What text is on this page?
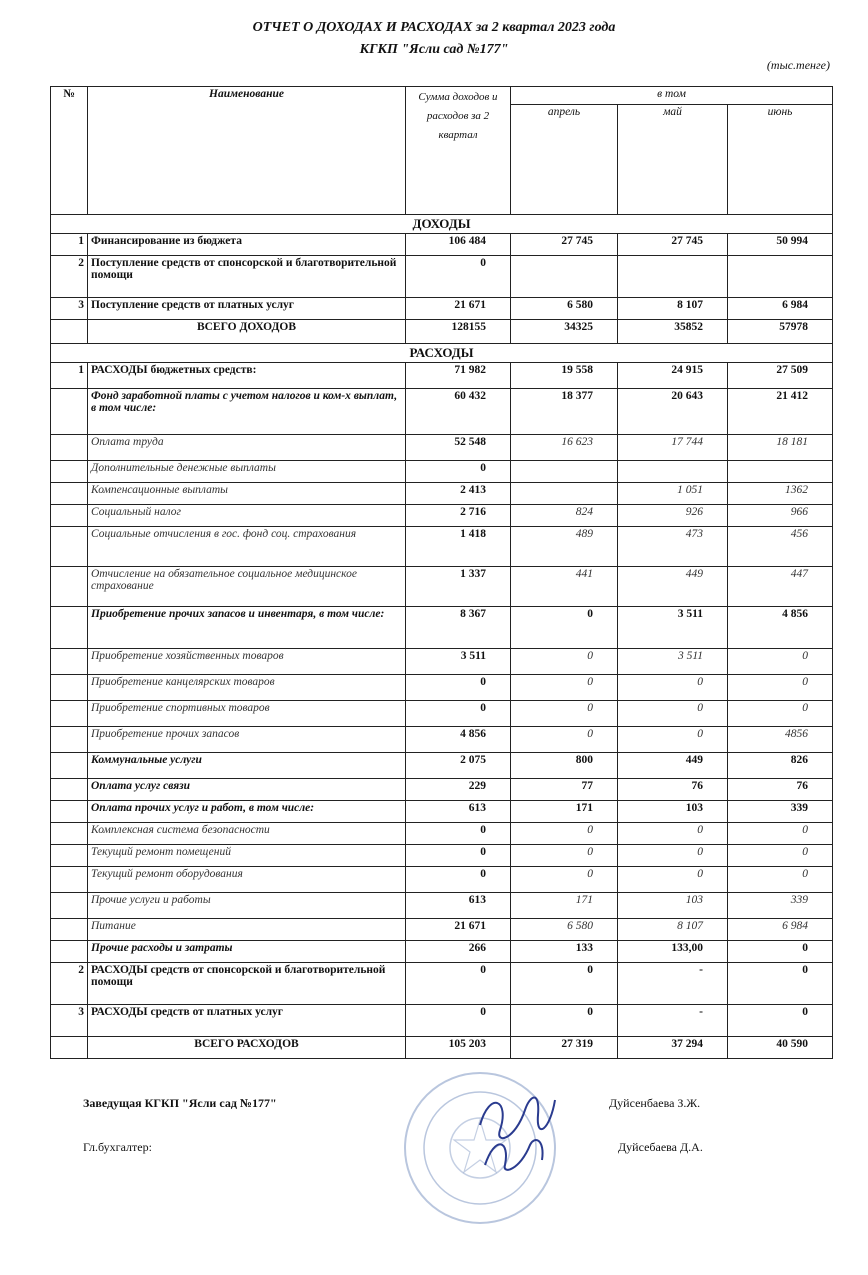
ОТЧЕТ О ДОХОДАХ И РАСХОДАХ за 2 квартал 2023 года
КГКП "Ясли сад №177"
(тыс.тенге)
№	Наименование	Сумма доходов и расходов за 2 квартал	в том		
			апрель	май	июнь
ДОХОДЫ					
1	Финансирование из бюджета	106 484	27 745	27 745	50 994
2	Поступление средств от спонсорской и благотворительной помощи	0			
3	Поступление средств от платных услуг	21 671	6 580	8 107	6 984
	ВСЕГО ДОХОДОВ	128155	34325	35852	57978
РАСХОДЫ					
1	РАСХОДЫ бюджетных средств:	71 982	19 558	24 915	27 509
	Фонд заработной платы с учетом налогов и ком-х выплат, в том числе:	60 432	18 377	20 643	21 412
	Оплата труда	52 548	16 623	17 744	18 181
	Дополнительные денежные выплаты	0			
	Компенсационные выплаты	2 413		1 051	1362
	Социальный налог	2 716	824	926	966
	Социальные отчисления в гос. фонд соц. страхования	1 418	489	473	456
	Отчисление на обязательное социальное медицинское страхование	1 337	441	449	447
	Приобретение прочих запасов и инвентаря, в том числе:	8 367	0	3 511	4 856
	Приобретение хозяйственных товаров	3 511	0	3 511	0
	Приобретение канцелярских товаров	0	0	0	0
	Приобретение спортивных товаров	0	0	0	0
	Приобретение прочих запасов	4 856	0	0	4856
	Коммунальные услуги	2 075	800	449	826
	Оплата услуг связи	229	77	76	76
	Оплата прочих услуг и работ, в том числе:	613	171	103	339
	Комплексная система безопасности	0	0	0	0
	Текущий ремонт помещений	0	0	0	0
	Текущий ремонт оборудования	0	0	0	0
	Прочие услуги и работы	613	171	103	339
	Питание	21 671	6 580	8 107	6 984
	Прочие расходы и затраты	266	133	133,00	0
2	РАСХОДЫ средств от спонсорской и благотворительной помощи	0	0	-	0
3	РАСХОДЫ средств от платных услуг	0	0	-	0
	ВСЕГО РАСХОДОВ	105 203	27 319	37 294	40 590
Заведущая КГКП "Ясли сад №177"	Дуйсенбаева З.Ж.
Гл.бухгалтер:	Дуйсебаева Д.А.
